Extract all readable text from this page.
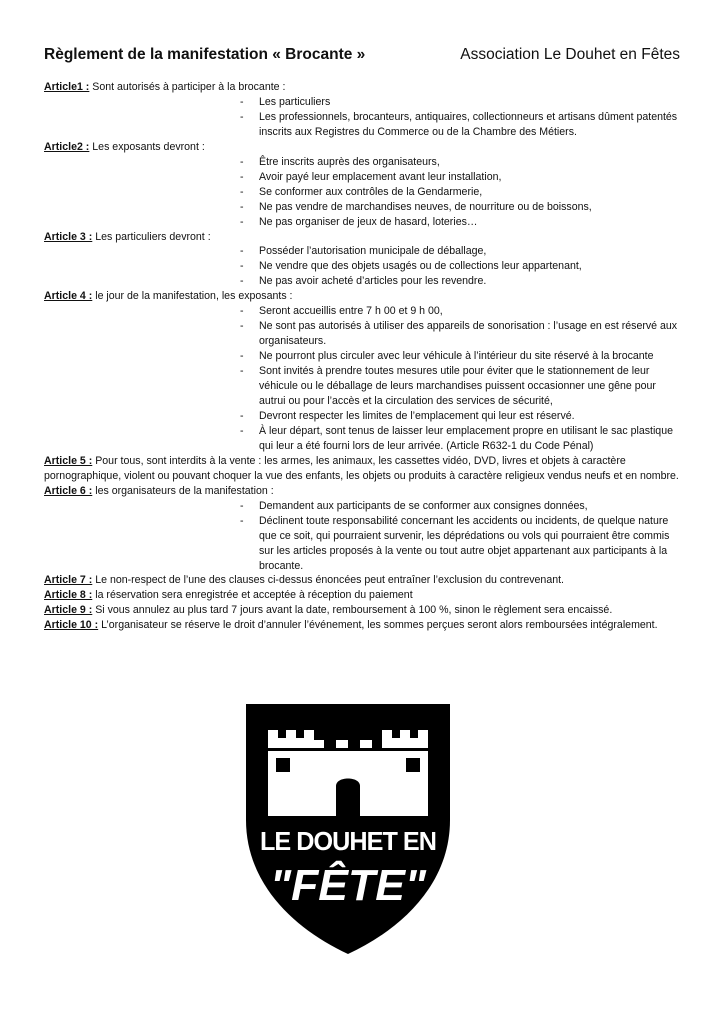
Règlement de la manifestation « Brocante »	Association Le Douhet en Fêtes
Article1 : Sont autorisés à participer à la brocante :
- Les particuliers
- Les professionnels, brocanteurs, antiquaires, collectionneurs et artisans dûment patentés inscrits aux Registres du Commerce ou de la Chambre des Métiers.
Article2 : Les exposants devront :
- Être inscrits auprès des organisateurs,
- Avoir payé leur emplacement avant leur installation,
- Se conformer aux contrôles de la Gendarmerie,
- Ne pas vendre de marchandises neuves, de nourriture ou de boissons,
- Ne pas organiser de jeux de hasard, loteries…
Article 3 : Les particuliers devront :
- Posséder l’autorisation municipale de déballage,
- Ne vendre que des objets usagés ou de collections leur appartenant,
- Ne pas avoir acheté d’articles pour les revendre.
Article 4 : le jour de la manifestation, les exposants :
- Seront accueillis entre 7 h 00 et 9 h 00,
- Ne sont pas autorisés à utiliser des appareils de sonorisation : l’usage en est réservé aux organisateurs.
- Ne pourront plus circuler avec leur véhicule à l’intérieur du site réservé à la brocante
- Sont invités à prendre toutes mesures utile pour éviter que le stationnement de leur véhicule ou le déballage de leurs marchandises puissent occasionner une gêne pour autrui ou pour l’accès et la circulation des services de sécurité,
- Devront respecter les limites de l’emplacement qui leur est réservé.
- À leur départ, sont tenus de laisser leur emplacement propre en utilisant le sac plastique qui leur a été fourni lors de leur arrivée. (Article R632-1 du Code Pénal)
Article 5 : Pour tous, sont interdits à la vente : les armes, les animaux, les cassettes vidéo, DVD, livres et objets à caractère pornographique, violent ou pouvant choquer la vue des enfants, les objets ou produits à caractère religieux vendus neufs et en nombre.
Article 6 : les organisateurs de la manifestation :
- Demandent aux participants de se conformer aux consignes données,
- Déclinent toute responsabilité concernant les accidents ou incidents, de quelque nature que ce soit, qui pourraient survenir, les déprédations ou vols qui pourraient être commis sur les articles proposés à la vente ou tout autre objet appartenant aux participants à la brocante.
Article 7 : Le non-respect de l’une des clauses ci-dessus énoncées peut entraîner l’exclusion du contrevenant.
Article 8 : la réservation sera enregistrée et acceptée à réception du paiement
Article 9 : Si vous annulez au plus tard 7 jours avant la date, remboursement à 100 %, sinon le règlement sera encaissé.
Article 10 : L’organisateur se réserve le droit d’annuler l’événement, les sommes perçues seront alors remboursées intégralement.
LE DOUHET EN
"FÊTE"
